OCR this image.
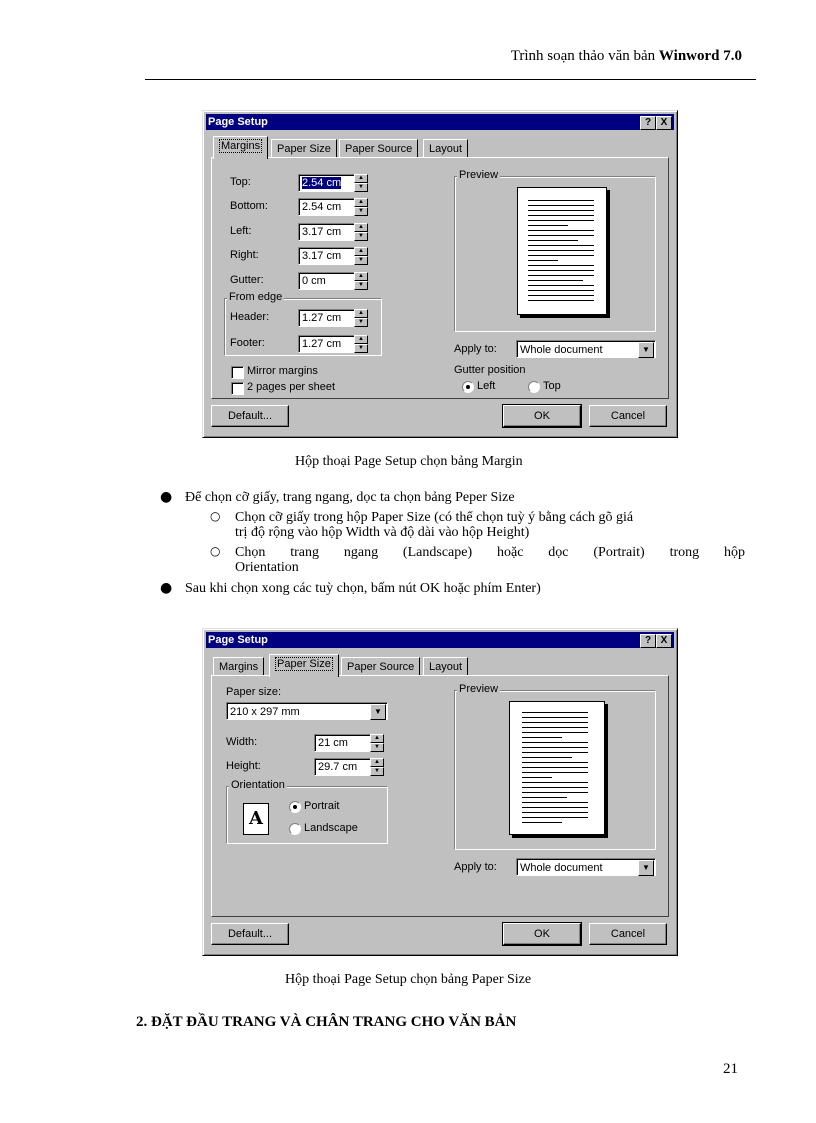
Trình soạn thảo văn bản Winword 7.0
Page Setup	? X
Margins	Paper Size	Paper Source	Layout
Top:	2.54 cm	▲
▼
Bottom:	2.54 cm	▲
▼
Left:	3.17 cm	▲
▼
Right:	3.17 cm	▲
▼
Gutter:	0 cm	▲
▼
From edge
Header:	1.27 cm	▲
▼
Footer:	1.27 cm	▲
▼
Mirror margins
2 pages per sheet
Preview
Apply to:	Whole document	▼
Gutter position
Left	Top
Default...	OK	Cancel
Hộp thoại Page Setup chọn bảng Margin
● Để chọn cỡ giấy, trang ngang, dọc ta chọn bảng Peper Size
○ Chọn cỡ giấy trong hộp Paper Size (có thể chọn tuỳ ý bằng cách gõ giá
trị độ rộng vào hộp Width và độ dài vào hộp Height)
○ Chọn trang ngang (Landscape) hoặc dọc (Portrait) trong hộp
Orientation
● Sau khi chọn xong các tuỳ chọn, bấm nút OK hoặc phím Enter)
Page Setup	? X
Margins	Paper Size	Paper Source	Layout
Paper size:
210 x 297 mm	▼
Width:	21 cm	▲
▼
Height:	29.7 cm	▲
▼
Orientation
A
Portrait
Landscape
Preview
Apply to:	Whole document	▼
Default...	OK	Cancel
Hộp thoại Page Setup chọn bảng Paper Size
2. ĐẶT ĐẦU TRANG VÀ CHÂN TRANG CHO VĂN BẢN
21
